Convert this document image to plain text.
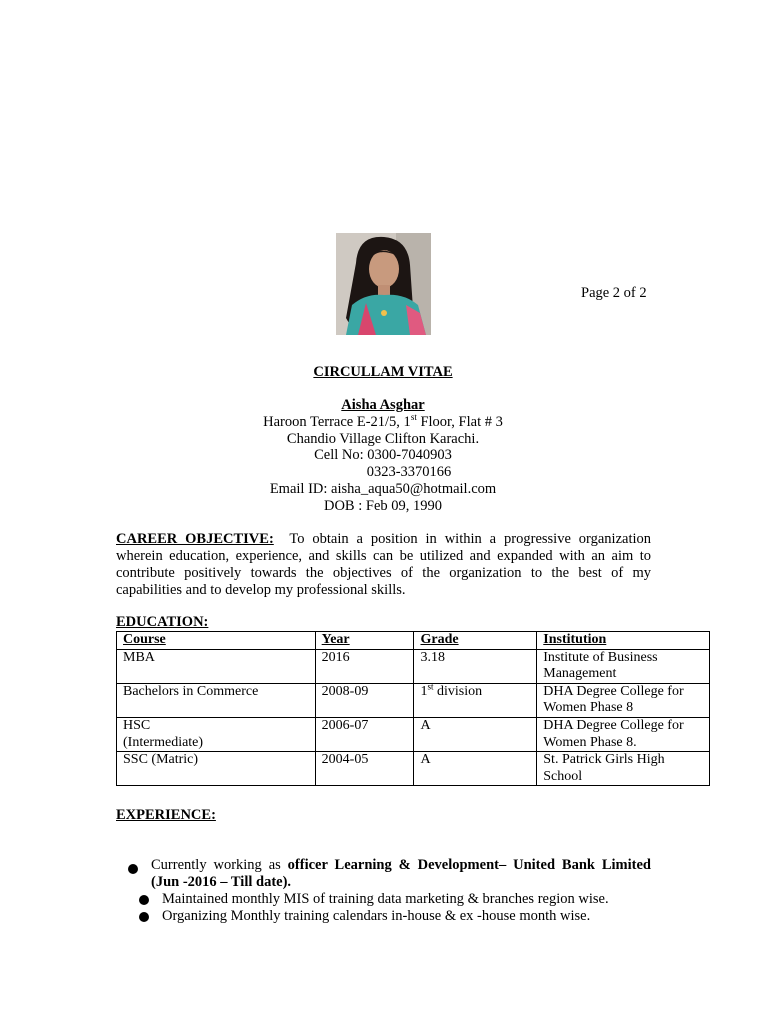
Page 2 of 2
CIRCULLAM VITAE
Aisha Asghar
Haroon Terrace E-21/5, 1st Floor, Flat # 3
Chandio Village Clifton Karachi.
Cell No: 0300-7040903
0323-3370166
Email ID: aisha_aqua50@hotmail.com
DOB : Feb 09, 1990
CAREER OBJECTIVE: To obtain a position in within a progressive organization wherein education, experience, and skills can be utilized and expanded with an aim to contribute positively towards the objectives of the organization to the best of my capabilities and to develop my professional skills.
EDUCATION:
Course	Year	Grade	Institution
MBA	2016	3.18	Institute of Business Management
Bachelors in Commerce	2008-09	1st division	DHA Degree College for Women Phase 8

HSC
(Intermediate)	2006-07	A	DHA Degree College for Women Phase 8.
SSC (Matric)	2004-05	A	St. Patrick Girls High School
EXPERIENCE:
Currently working as officer Learning & Development– United Bank Limited (Jun -2016 – Till date).
Maintained monthly MIS of training data marketing & branches region wise.
Organizing Monthly training calendars in-house & ex -house month wise.
